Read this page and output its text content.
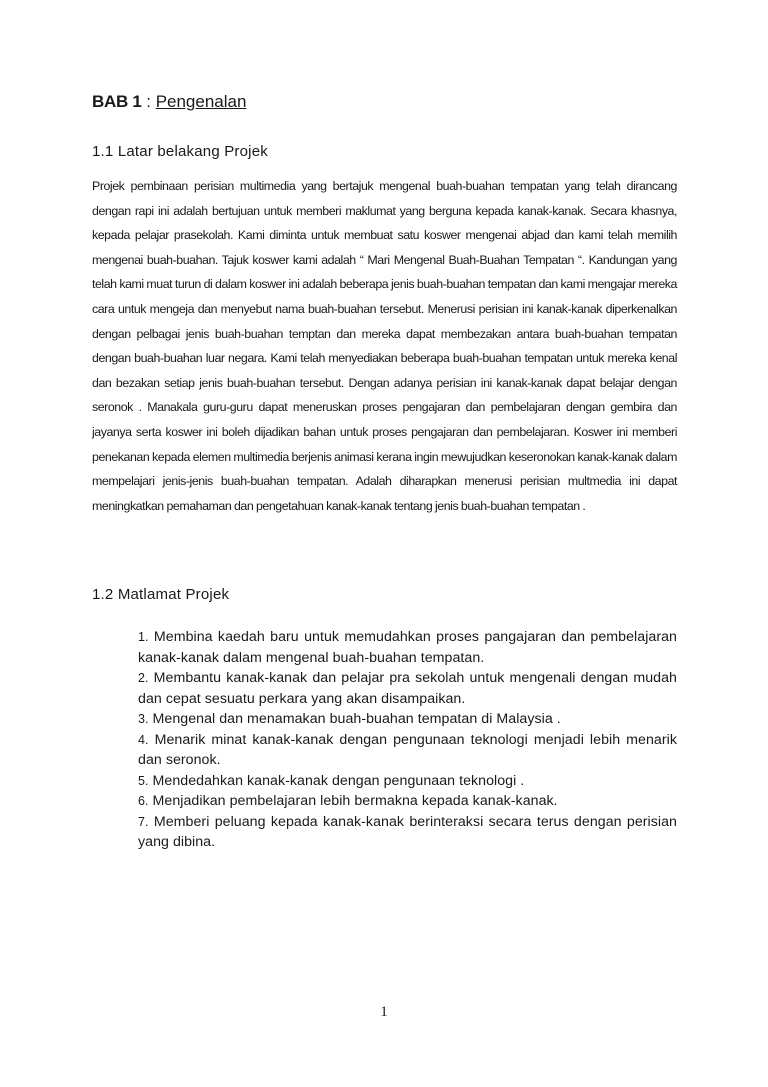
BAB 1 : Pengenalan
1.1 Latar belakang Projek

Projek pembinaan perisian multimedia yang bertajuk mengenal buah-buahan tempatan yang telah dirancang dengan rapi ini adalah bertujuan untuk memberi maklumat yang berguna kepada kanak-kanak. Secara khasnya, kepada pelajar prasekolah. Kami diminta untuk membuat satu koswer mengenai abjad dan kami telah memilih mengenai buah-buahan. Tajuk koswer kami adalah “ Mari Mengenal Buah-Buahan Tempatan “. Kandungan yang telah kami muat turun di dalam koswer ini adalah beberapa jenis buah-buahan tempatan dan kami mengajar mereka cara untuk mengeja dan menyebut nama buah-buahan tersebut. Menerusi perisian ini kanak-kanak diperkenalkan dengan pelbagai jenis buah-buahan temptan dan mereka dapat membezakan antara buah-buahan tempatan dengan buah-buahan luar negara. Kami telah menyediakan beberapa buah-buahan tempatan untuk mereka kenal dan bezakan setiap jenis buah-buahan tersebut. Dengan adanya perisian ini kanak-kanak dapat belajar dengan seronok . Manakala guru-guru dapat meneruskan proses pengajaran dan pembelajaran dengan gembira dan jayanya serta koswer ini boleh dijadikan bahan untuk proses pengajaran dan pembelajaran. Koswer ini memberi penekanan kepada elemen multimedia berjenis animasi kerana ingin mewujudkan keseronokan kanak-kanak dalam mempelajari jenis-jenis buah-buahan tempatan. Adalah diharapkan menerusi perisian multmedia ini dapat meningkatkan pemahaman dan pengetahuan kanak-kanak tentang jenis buah-buahan tempatan .

1.2 Matlamat Projek
1. Membina kaedah baru untuk memudahkan proses pangajaran dan pembelajaran kanak-kanak dalam mengenal buah-buahan tempatan.
2. Membantu kanak-kanak dan pelajar pra sekolah untuk mengenali dengan mudah dan cepat sesuatu perkara yang akan disampaikan.
3. Mengenal dan menamakan buah-buahan tempatan di Malaysia .
4. Menarik minat kanak-kanak dengan pengunaan teknologi menjadi lebih menarik dan seronok.
5. Mendedahkan kanak-kanak dengan pengunaan teknologi .
6. Menjadikan pembelajaran lebih bermakna kepada kanak-kanak.
7. Memberi peluang kepada kanak-kanak berinteraksi secara terus dengan perisian yang dibina.
1
